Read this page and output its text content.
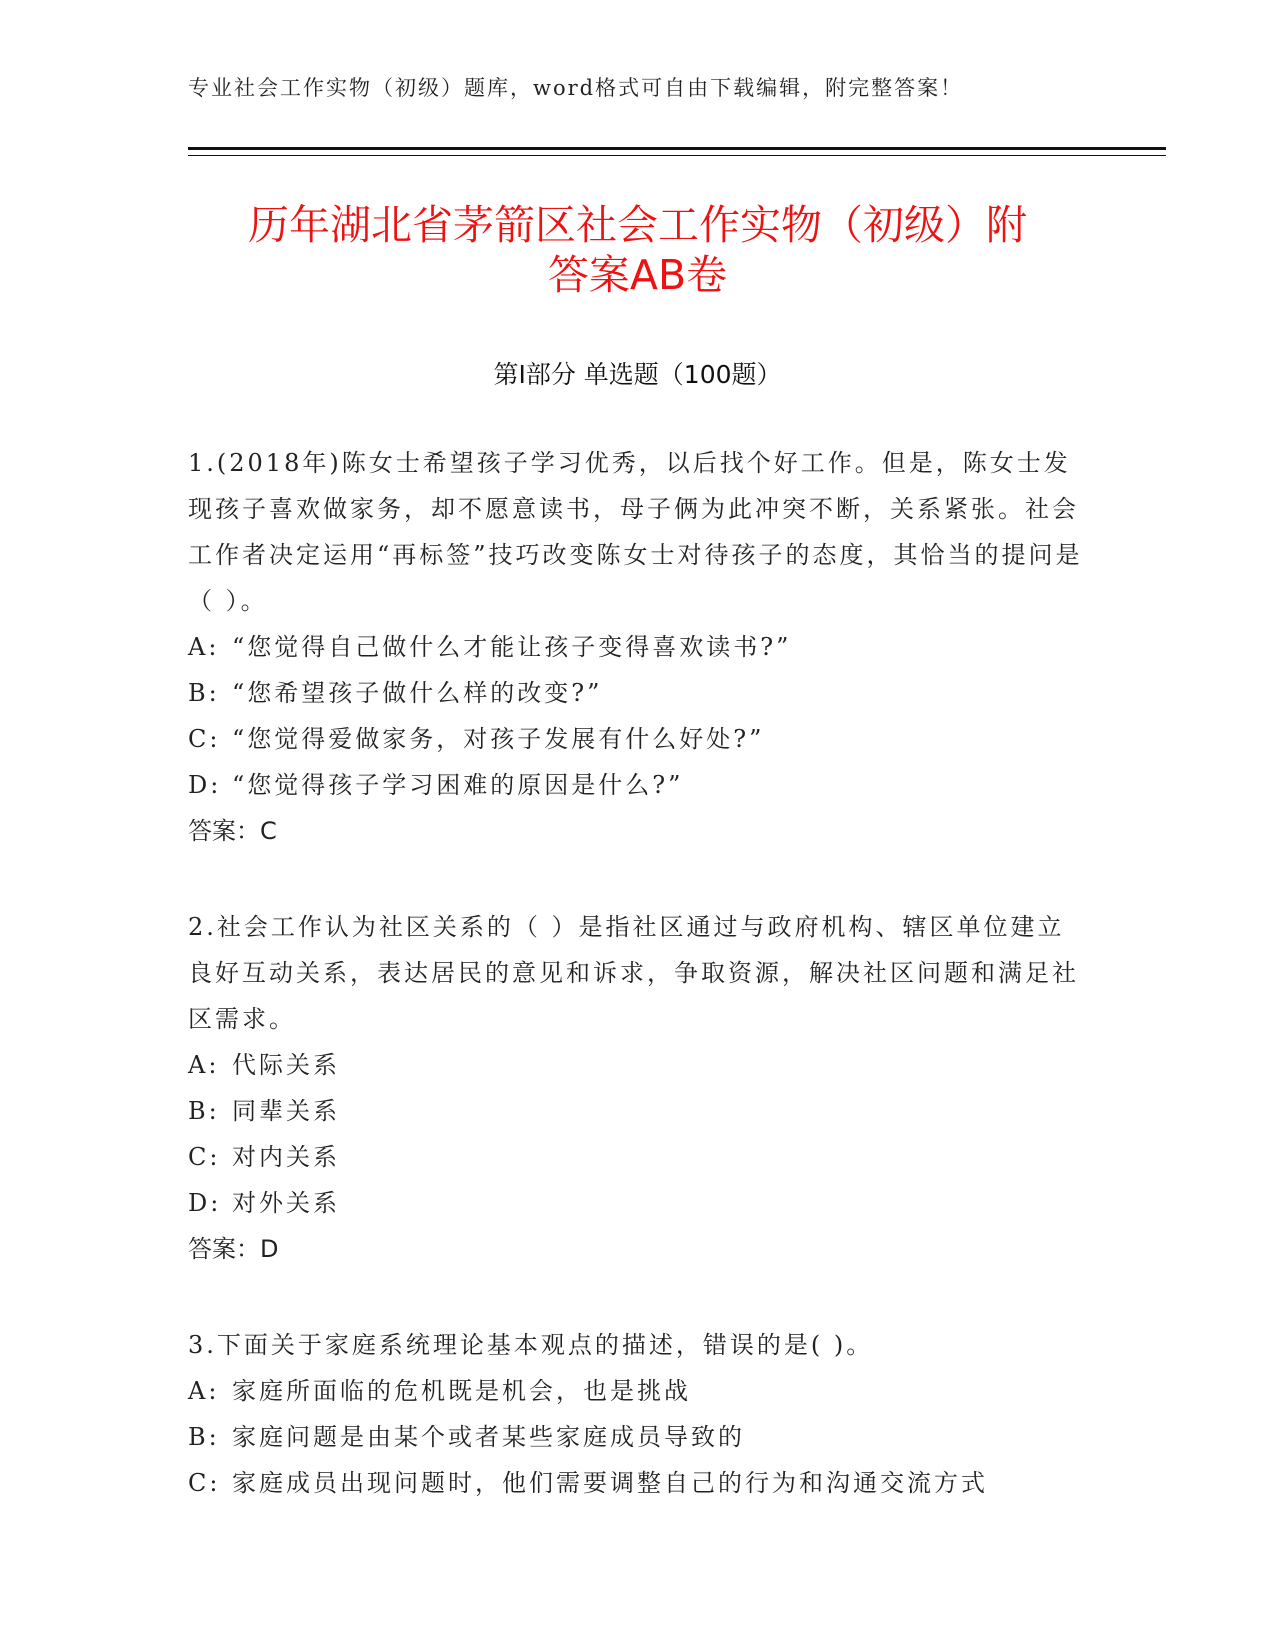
专业社会工作实物（初级）题库，word格式可自由下载编辑，附完整答案！
历年湖北省茅箭区社会工作实物（初级）附
答案AB卷
第Ⅰ部分 单选题（100题）

1.(2018年)陈女士希望孩子学习优秀，以后找个好工作。但是，陈女士发现孩子喜欢做家务，却不愿意读书，母子俩为此冲突不断，关系紧张。社会工作者决定运用“再标签”技巧改变陈女士对待孩子的态度，其恰当的提问是（ ）。

A: “您觉得自己做什么才能让孩子变得喜欢读书?”

B: “您希望孩子做什么样的改变?”

C: “您觉得爱做家务，对孩子发展有什么好处?”

D: “您觉得孩子学习困难的原因是什么?”

答案：C

2.社会工作认为社区关系的（ ）是指社区通过与政府机构、辖区单位建立良好互动关系，表达居民的意见和诉求，争取资源，解决社区问题和满足社区需求。

A: 代际关系

B: 同辈关系

C: 对内关系

D: 对外关系

答案：D

3.下面关于家庭系统理论基本观点的描述，错误的是( )。

A: 家庭所面临的危机既是机会，也是挑战

B: 家庭问题是由某个或者某些家庭成员导致的

C: 家庭成员出现问题时，他们需要调整自己的行为和沟通交流方式
